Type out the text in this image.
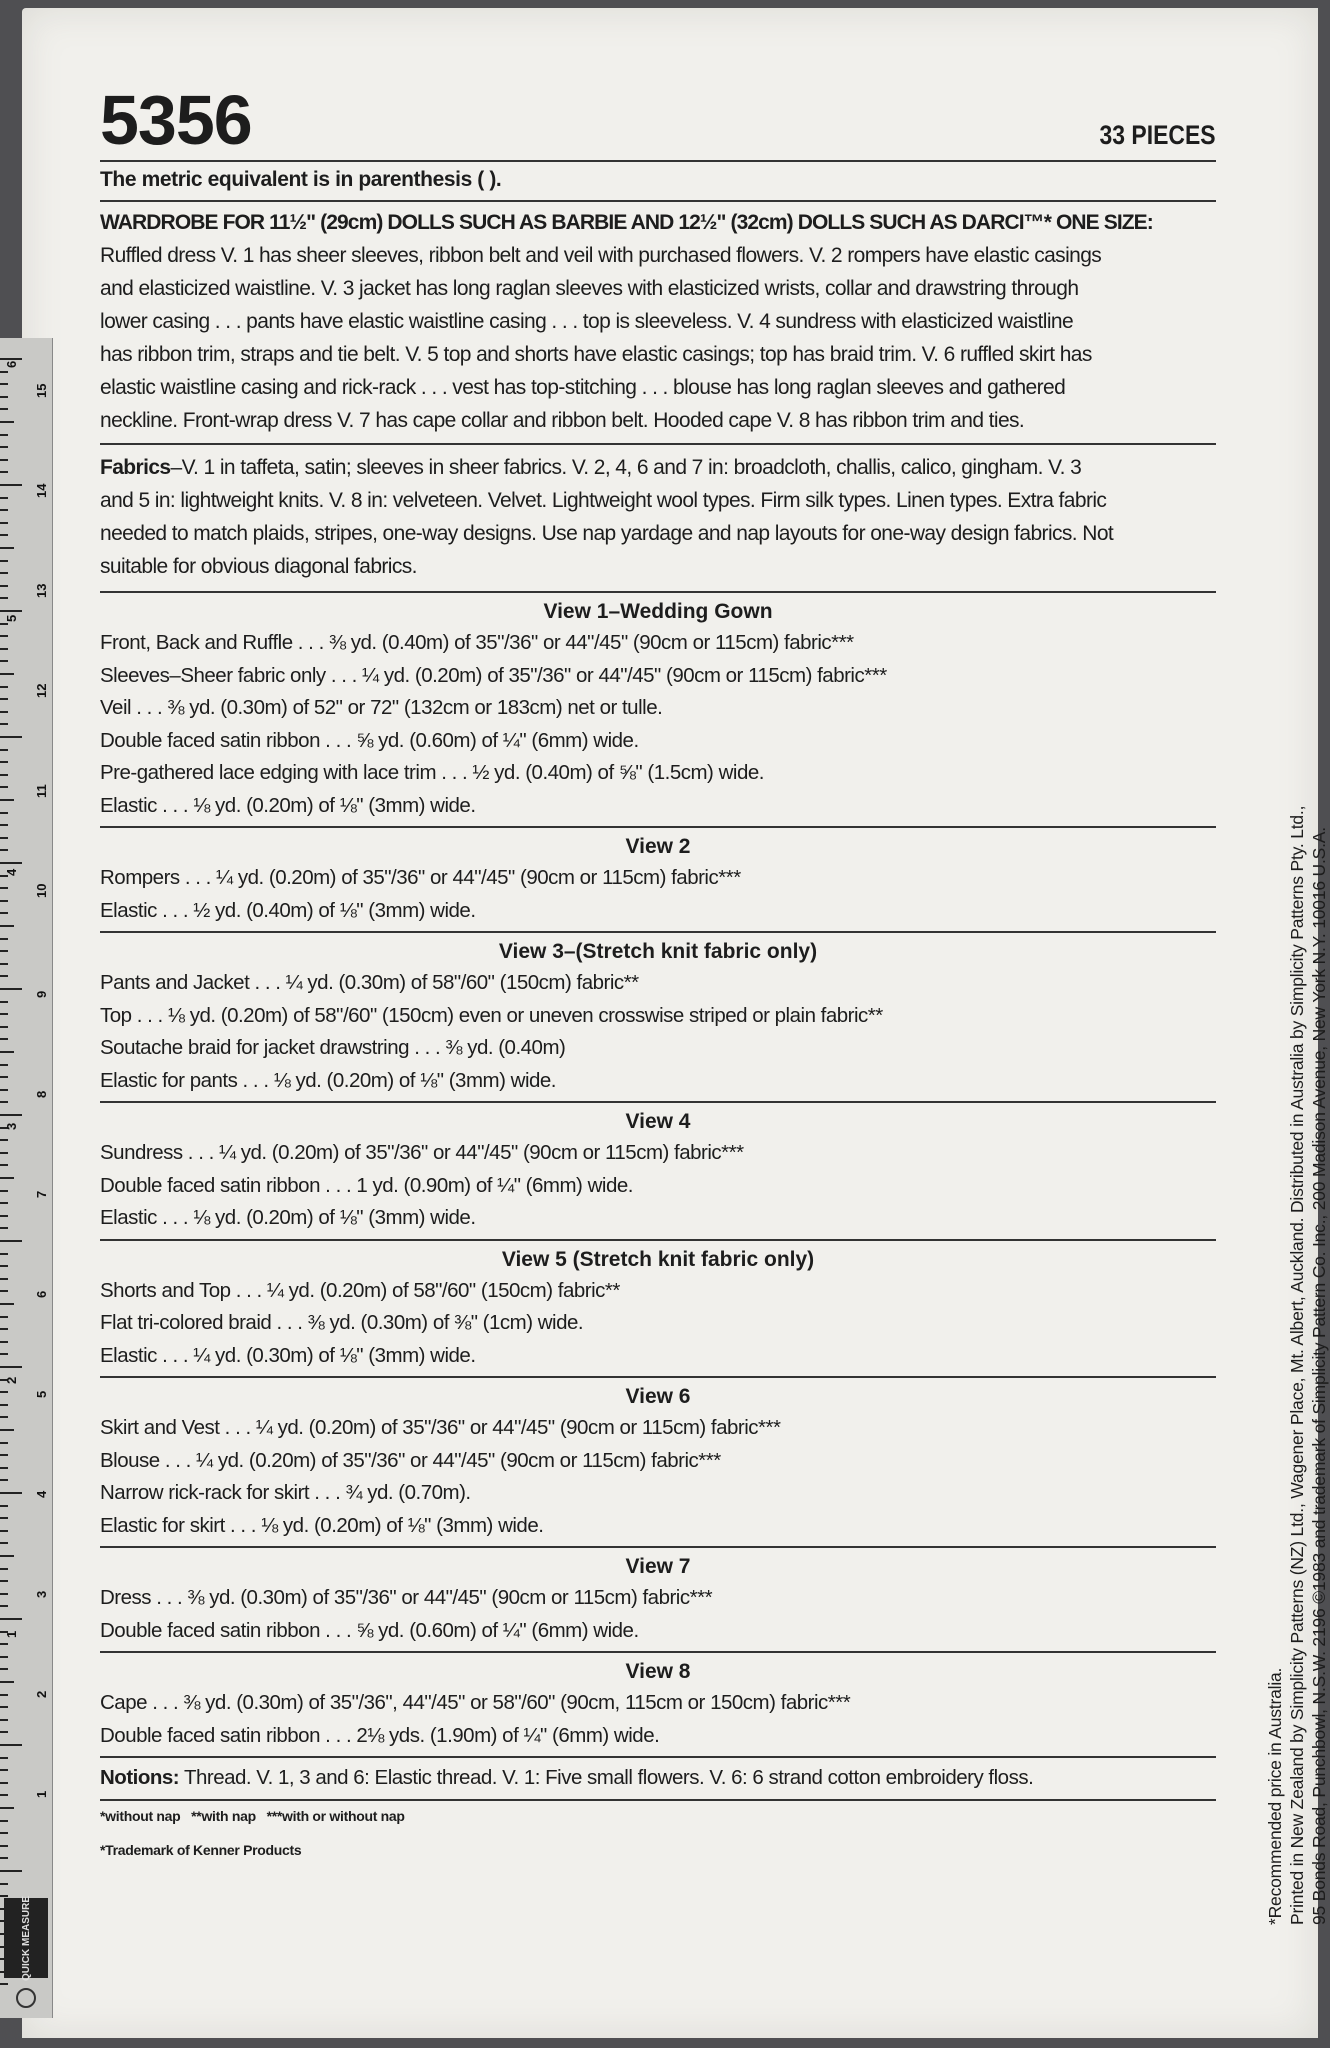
QUICK MEASURE
15
14
13
12
11
10
9
8
7
6
5
4
3
2
1
6
5
4
3
2
1
5356	33 PIECES
The metric equivalent is in parenthesis ( ).
WARDROBE FOR 11½" (29cm) DOLLS SUCH AS BARBIE AND 12½" (32cm) DOLLS SUCH AS DARCI™* ONE SIZE:
Ruffled dress V. 1 has sheer sleeves, ribbon belt and veil with purchased flowers. V. 2 rompers have elastic casings
and elasticized waistline. V. 3 jacket has long raglan sleeves with elasticized wrists, collar and drawstring through
lower casing . . . pants have elastic waistline casing . . . top is sleeveless. V. 4 sundress with elasticized waistline
has ribbon trim, straps and tie belt. V. 5 top and shorts have elastic casings; top has braid trim. V. 6 ruffled skirt has
elastic waistline casing and rick-rack . . . vest has top-stitching . . . blouse has long raglan sleeves and gathered
neckline. Front-wrap dress V. 7 has cape collar and ribbon belt. Hooded cape V. 8 has ribbon trim and ties.
Fabrics–V. 1 in taffeta, satin; sleeves in sheer fabrics. V. 2, 4, 6 and 7 in: broadcloth, challis, calico, gingham. V. 3
and 5 in: lightweight knits. V. 8 in: velveteen. Velvet. Lightweight wool types. Firm silk types. Linen types. Extra fabric
needed to match plaids, stripes, one-way designs. Use nap yardage and nap layouts for one-way design fabrics. Not
suitable for obvious diagonal fabrics.
View 1–Wedding Gown
Front, Back and Ruffle . . . ⅜ yd. (0.40m) of 35"/36" or 44"/45" (90cm or 115cm) fabric***
Sleeves–Sheer fabric only . . . ¼ yd. (0.20m) of 35"/36" or 44"/45" (90cm or 115cm) fabric***
Veil . . . ⅜ yd. (0.30m) of 52" or 72" (132cm or 183cm) net or tulle.
Double faced satin ribbon . . . ⅝ yd. (0.60m) of ¼" (6mm) wide.
Pre-gathered lace edging with lace trim . . . ½ yd. (0.40m) of ⅝" (1.5cm) wide.
Elastic . . . ⅛ yd. (0.20m) of ⅛" (3mm) wide.
View 2
Rompers . . . ¼ yd. (0.20m) of 35"/36" or 44"/45" (90cm or 115cm) fabric***
Elastic . . . ½ yd. (0.40m) of ⅛" (3mm) wide.
View 3–(Stretch knit fabric only)
Pants and Jacket . . . ¼ yd. (0.30m) of 58"/60" (150cm) fabric**
Top . . . ⅛ yd. (0.20m) of 58"/60" (150cm) even or uneven crosswise striped or plain fabric**
Soutache braid for jacket drawstring . . . ⅜ yd. (0.40m)
Elastic for pants . . . ⅛ yd. (0.20m) of ⅛" (3mm) wide.
View 4
Sundress . . . ¼ yd. (0.20m) of 35"/36" or 44"/45" (90cm or 115cm) fabric***
Double faced satin ribbon . . . 1 yd. (0.90m) of ¼" (6mm) wide.
Elastic . . . ⅛ yd. (0.20m) of ⅛" (3mm) wide.
View 5 (Stretch knit fabric only)
Shorts and Top . . . ¼ yd. (0.20m) of 58"/60" (150cm) fabric**
Flat tri-colored braid . . . ⅜ yd. (0.30m) of ⅜" (1cm) wide.
Elastic . . . ¼ yd. (0.30m) of ⅛" (3mm) wide.
View 6
Skirt and Vest . . . ¼ yd. (0.20m) of 35"/36" or 44"/45" (90cm or 115cm) fabric***
Blouse . . . ¼ yd. (0.20m) of 35"/36" or 44"/45" (90cm or 115cm) fabric***
Narrow rick-rack for skirt . . . ¾ yd. (0.70m).
Elastic for skirt . . . ⅛ yd. (0.20m) of ⅛" (3mm) wide.
View 7
Dress . . . ⅜ yd. (0.30m) of 35"/36" or 44"/45" (90cm or 115cm) fabric***
Double faced satin ribbon . . . ⅝ yd. (0.60m) of ¼" (6mm) wide.
View 8
Cape . . . ⅜ yd. (0.30m) of 35"/36", 44"/45" or 58"/60" (90cm, 115cm or 150cm) fabric***
Double faced satin ribbon . . . 2⅛ yds. (1.90m) of ¼" (6mm) wide.
Notions: Thread. V. 1, 3 and 6: Elastic thread. V. 1: Five small flowers. V. 6: 6 strand cotton embroidery floss.
*without nap   **with nap   ***with or without nap
*Trademark of Kenner Products	*Recommended price in Australia. Printed in New Zealand by Simplicity Patterns (NZ) Ltd., Wagener Place, Mt. Albert, Auckland. Distributed in Australia by Simplicity Patterns Pty. Ltd., 95 Bonds Road, Punchbowl, N.S.W. 2196 ©1983 and trademark of Simplicity Pattern Co. Inc., 200 Madison Avenue, New York N.Y. 10016 U.S.A.
